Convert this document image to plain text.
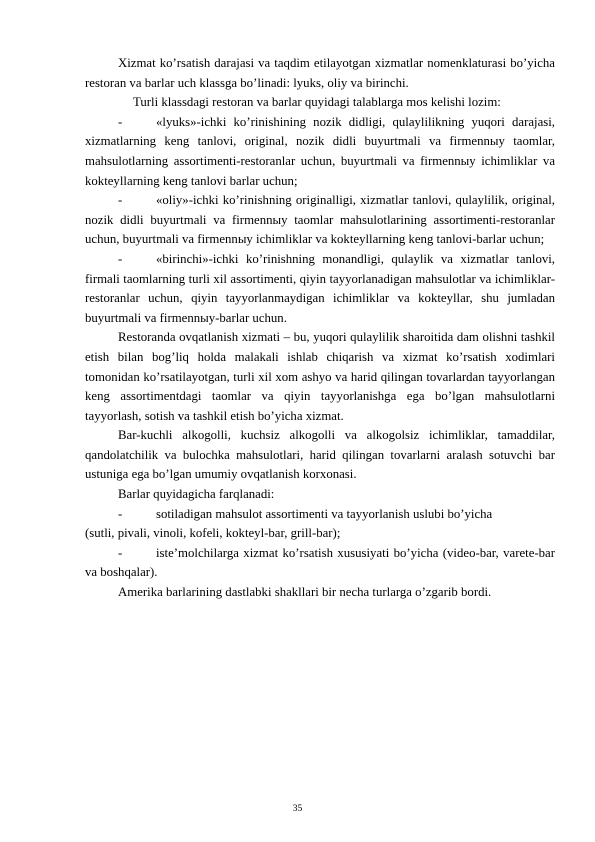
Xizmat ko’rsatish darajasi va taqdim etilayotgan xizmatlar nomenklaturasi bo’yicha restoran va barlar uch klassga bo’linadi: lyuks, oliy va birinchi.

Turli klassdagi restoran va barlar quyidagi talablarga mos kelishi lozim:

-	«lyuks»-ichki ko’rinishining nozik didligi, qulaylilikning yuqori darajasi, xizmatlarning keng tanlovi, original, nozik didli buyurtmali va firmennыy taomlar, mahsulotlarning assortimenti-restoranlar uchun, buyurtmali va firmennыy ichimliklar va kokteyllarning keng tanlovi barlar uchun;

-	«oliy»-ichki ko’rinishning originalligi, xizmatlar tanlovi, qulaylilik, original, nozik didli buyurtmali va firmennыy taomlar mahsulotlarining assortimenti-restoranlar uchun, buyurtmali va firmennыy ichimliklar va kokteyllarning keng tanlovi-barlar uchun;

-	«birinchi»-ichki ko’rinishning monandligi, qulaylik va xizmatlar tanlovi, firmali taomlarning turli xil assortimenti, qiyin tayyorlanadigan mahsulotlar va ichimliklar-restoranlar uchun, qiyin tayyorlanmaydigan ichimliklar va kokteyllar, shu jumladan buyurtmali va firmennыy-barlar uchun.

Restoranda ovqatlanish xizmati – bu, yuqori qulaylilik sharoitida dam olishni tashkil etish bilan bog’liq holda malakali ishlab chiqarish va xizmat ko’rsatish xodimlari tomonidan ko’rsatilayotgan, turli xil xom ashyo va harid qilingan tovarlardan tayyorlangan keng assortimentdagi taomlar va qiyin tayyorlanishga ega bo’lgan mahsulotlarni tayyorlash, sotish va tashkil etish bo’yicha xizmat.

Bar-kuchli alkogolli, kuchsiz alkogolli va alkogolsiz ichimliklar, tamaddilar, qandolatchilik va bulochka mahsulotlari, harid qilingan tovarlarni aralash sotuvchi bar ustuniga ega bo’lgan umumiy ovqatlanish korxonasi.

Barlar quyidagicha farqlanadi:

-	sotiladigan mahsulot assortimenti va tayyorlanish uslubi bo’yicha

(sutli, pivali, vinoli, kofeli, kokteyl-bar, grill-bar);

-	iste’molchilarga xizmat ko’rsatish xususiyati bo’yicha (video-bar, varete-bar va boshqalar).

Amerika barlarining dastlabki shakllari bir necha turlarga o’zgarib bordi.

35
